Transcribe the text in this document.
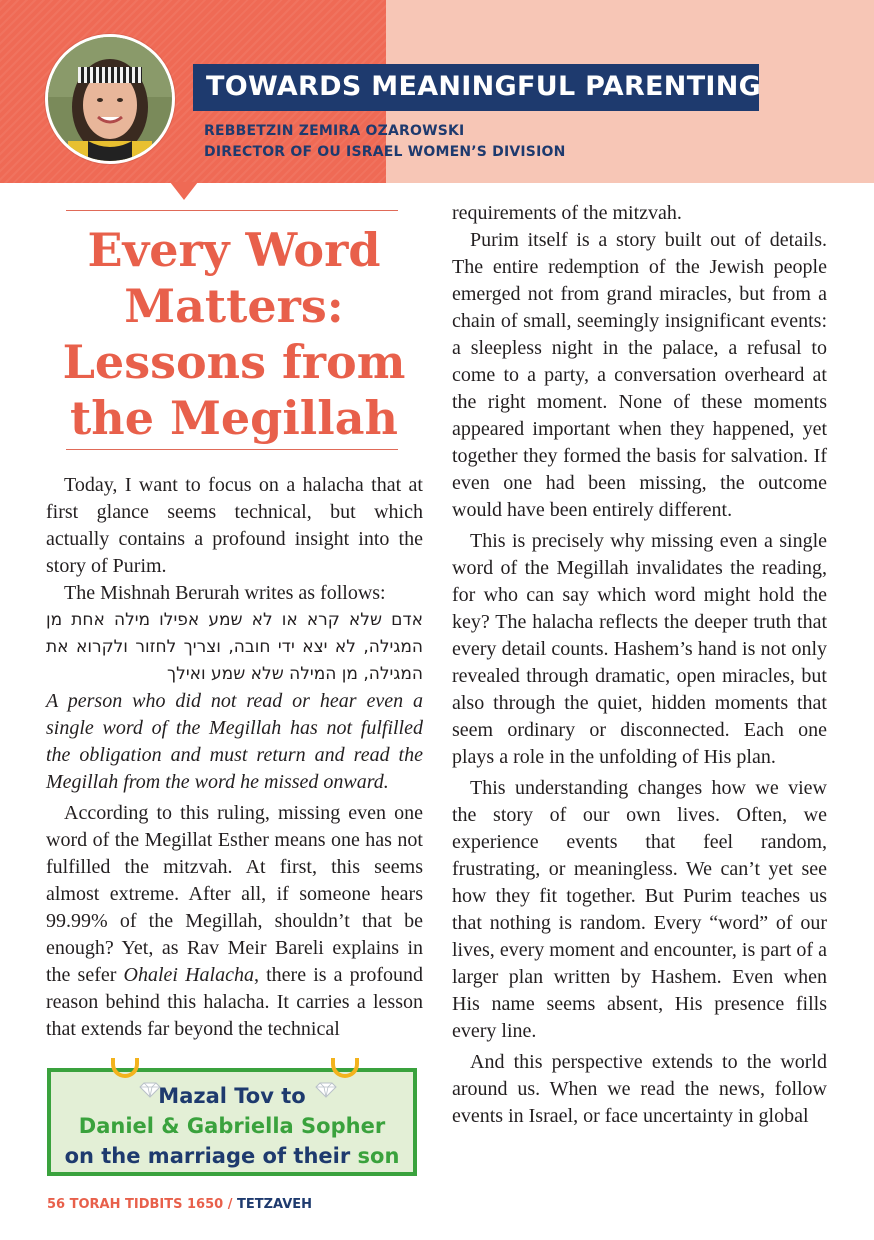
TOWARDS MEANINGFUL PARENTING
REBBETZIN ZEMIRA OZAROWSKI
DIRECTOR OF OU ISRAEL WOMEN’S DIVISION
Every Word Matters: Lessons from the Megillah

Today, I want to focus on a halacha that at first glance seems technical, but which actually contains a profound insight into the story of Purim.

The Mishnah Berurah writes as follows:

אדם שלא קרא או לא שמע אפילו מילה אחת מן המגילה, לא יצא ידי חובה, וצריך לחזור ולקרוא את המגילה, מן המילה שלא שמע ואילך

A person who did not read or hear even a single word of the Megillah has not fulfilled the obligation and must return and read the Megillah from the word he missed onward.

According to this ruling, missing even one word of the Megillat Esther means one has not fulfilled the mitzvah. At first, this seems almost extreme. After all, if someone hears 99.99% of the Megillah, shouldn’t that be enough? Yet, as Rav Meir Bareli explains in the sefer Ohalei Halacha, there is a profound reason behind this halacha. It carries a lesson that extends far beyond the technical

requirements of the mitzvah.

Purim itself is a story built out of details. The entire redemption of the Jewish people emerged not from grand miracles, but from a chain of small, seemingly insignificant events: a sleepless night in the palace, a refusal to come to a party, a conversation overheard at the right moment. None of these moments appeared important when they happened, yet together they formed the basis for salvation. If even one had been missing, the outcome would have been entirely different.

This is precisely why missing even a single word of the Megillah invalidates the reading, for who can say which word might hold the key? The halacha reflects the deeper truth that every detail counts. Hashem’s hand is not only revealed through dramatic, open miracles, but also through the quiet, hidden moments that seem ordinary or disconnected. Each one plays a role in the unfolding of His plan.

This understanding changes how we view the story of our own lives. Often, we experience events that feel random, frustrating, or meaningless. We can’t yet see how they fit together. But Purim teaches us that nothing is random. Every “word” of our lives, every moment and encounter, is part of a larger plan written by Hashem. Even when His name seems absent, His presence fills every line.

And this perspective extends to the world around us. When we read the news, follow events in Israel, or face uncertainty in global

Mazal Tov to
Daniel & Gabriella Sopher
on the marriage of their son
56 TORAH TIDBITS 1650 / TETZAVEH
